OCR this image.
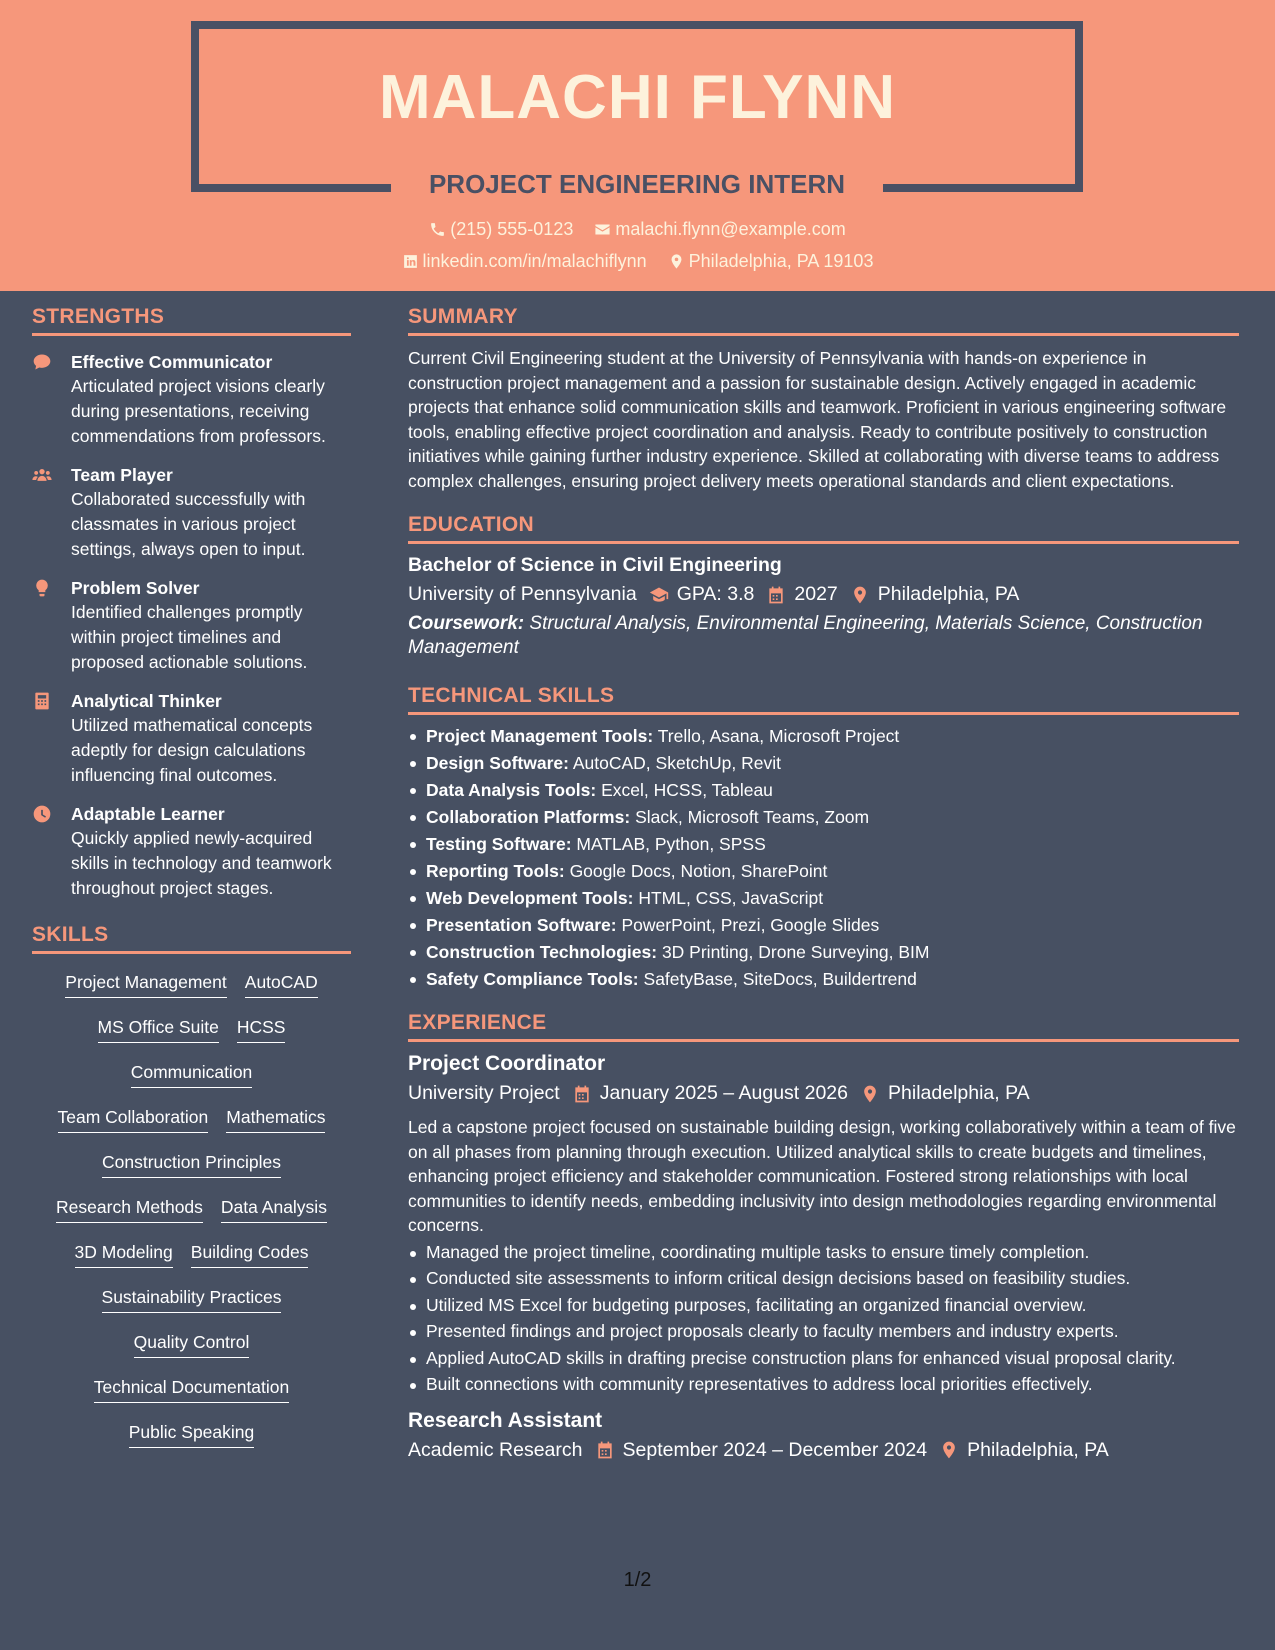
MALACHI FLYNN
PROJECT ENGINEERING INTERN
(215) 555-0123
malachi.flynn@example.com
linkedin.com/in/malachiflynn
Philadelphia, PA 19103
STRENGTHS
Effective Communicator
Articulated project visions clearly during presentations, receiving commendations from professors.
Team Player
Collaborated successfully with classmates in various project settings, always open to input.
Problem Solver
Identified challenges promptly within project timelines and proposed actionable solutions.
Analytical Thinker
Utilized mathematical concepts adeptly for design calculations influencing final outcomes.
Adaptable Learner
Quickly applied newly-acquired skills in technology and teamwork throughout project stages.
SKILLS
Project Management AutoCAD
MS Office Suite HCSS
Communication
Team Collaboration Mathematics
Construction Principles
Research Methods Data Analysis
3D Modeling Building Codes
Sustainability Practices
Quality Control
Technical Documentation
Public Speaking
SUMMARY
Current Civil Engineering student at the University of Pennsylvania with hands-on experience in construction project management and a passion for sustainable design. Actively engaged in academic projects that enhance solid communication skills and teamwork. Proficient in various engineering software tools, enabling effective project coordination and analysis. Ready to contribute positively to construction initiatives while gaining further industry experience. Skilled at collaborating with diverse teams to address complex challenges, ensuring project delivery meets operational standards and client expectations.
EDUCATION
Bachelor of Science in Civil Engineering
University of Pennsylvania GPA: 3.8 2027 Philadelphia, PA
Coursework: Structural Analysis, Environmental Engineering, Materials Science, Construction Management
TECHNICAL SKILLS
Project Management Tools: Trello, Asana, Microsoft Project
Design Software: AutoCAD, SketchUp, Revit
Data Analysis Tools: Excel, HCSS, Tableau
Collaboration Platforms: Slack, Microsoft Teams, Zoom
Testing Software: MATLAB, Python, SPSS
Reporting Tools: Google Docs, Notion, SharePoint
Web Development Tools: HTML, CSS, JavaScript
Presentation Software: PowerPoint, Prezi, Google Slides
Construction Technologies: 3D Printing, Drone Surveying, BIM
Safety Compliance Tools: SafetyBase, SiteDocs, Buildertrend
EXPERIENCE
Project Coordinator
University Project January 2025 – August 2026 Philadelphia, PA
Led a capstone project focused on sustainable building design, working collaboratively within a team of five on all phases from planning through execution. Utilized analytical skills to create budgets and timelines, enhancing project efficiency and stakeholder communication. Fostered strong relationships with local communities to identify needs, embedding inclusivity into design methodologies regarding environmental concerns.
Managed the project timeline, coordinating multiple tasks to ensure timely completion.
Conducted site assessments to inform critical design decisions based on feasibility studies.
Utilized MS Excel for budgeting purposes, facilitating an organized financial overview.
Presented findings and project proposals clearly to faculty members and industry experts.
Applied AutoCAD skills in drafting precise construction plans for enhanced visual proposal clarity.
Built connections with community representatives to address local priorities effectively.
Research Assistant
Academic Research September 2024 – December 2024 Philadelphia, PA
1/2
